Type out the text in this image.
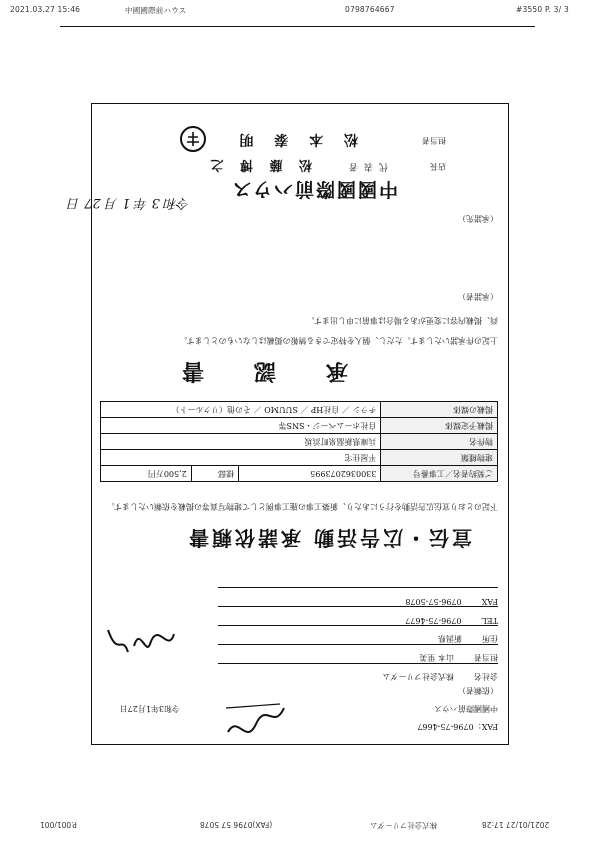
2021.03.27 15:46	中國國際前ハウス	0798764667	#3550 P. 3/ 3
FAX：0796-75-4667
中國國際前ハウス
令和3年1月27日
（依頼者）
会社名
株式会社フリーダム
担当者
山本 里美
住所
新潟県
TEL
0796-75-4677
FAX
0796-57-5078
宣伝・広告活動 承諾依頼書
下記のとおり宣伝広告活動を行うにあたり、新築工事の施工事例として建物写真等の掲載を依頼いたします。
ご契約者名／工事番号	3300362073995	様邸	2,500万円
建物種類	平屋住宅		
物件名	兵庫県新温泉町浜坂		
掲載予定媒体	自社ホームページ・SNS等		
掲載の媒体	チラシ ／ 自社HP ／ SUUMO ／ その他（リクルート）		
承　認　書
上記の件承諾いたします。ただし、個人を特定できる情報の掲載はしないものとします。
尚、掲載内容に変更がある場合は事前に申し出ます。
（承諾者）
（承諾先）
令和 3 年 1 月 27 日
中國國際前ハウス
店長
代表者
松 藤 博 之
担当者
松 本 泰 明
2021/01/27 17:28
株式会社フリーダム
(FAX)0796 57 5078
P.001/001
